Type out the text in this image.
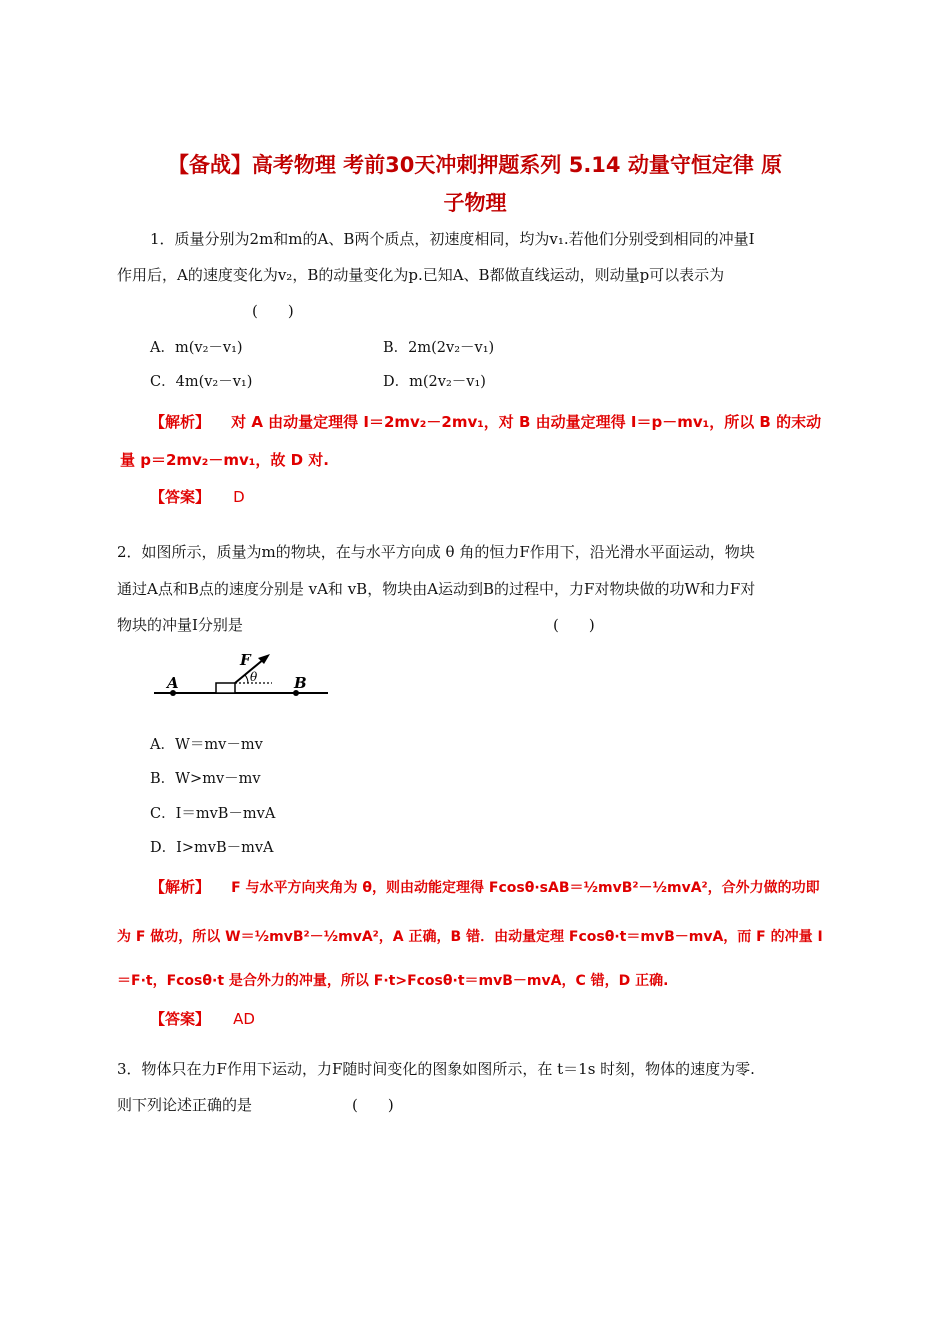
【备战】高考物理 考前30天冲刺押题系列 5.14 动量守恒定律 原
子物理
1．质量分别为2m和m的A、B两个质点，初速度相同，均为v₁.若他们分别受到相同的冲量I
作用后，A的速度变化为v₂，B的动量变化为p.已知A、B都做直线运动，则动量p可以表示为
(　　)
A．m(v₂－v₁)	B．2m(2v₂－v₁)
C．4m(v₂－v₁)	D．m(2v₂－v₁)
【解析】 对 A 由动量定理得 I＝2mv₂－2mv₁，对 B 由动量定理得 I＝p－mv₁，所以 B 的末动
量 p＝2mv₂－mv₁，故 D 对.
【答案】 D
2．如图所示，质量为m的物块，在与水平方向成 θ 角的恒力F作用下，沿光滑水平面运动，物块
通过A点和B点的速度分别是 vA和 vB，物块由A运动到B的过程中，力F对物块做的功W和力F对
物块的冲量I分别是	(　　)
A	B
F
θ
A．W＝mv－mv
B．W>mv－mv
C．I＝mvB－mvA
D．I>mvB－mvA
【解析】 F 与水平方向夹角为 θ，则由动能定理得 Fcosθ·sAB＝½mvB²－½mvA²，合外力做的功即
为 F 做功，所以 W＝½mvB²－½mvA²，A 正确，B 错．由动量定理 Fcosθ·t＝mvB－mvA，而 F 的冲量 I
＝F·t，Fcosθ·t 是合外力的冲量，所以 F·t>Fcosθ·t＝mvB－mvA，C 错，D 正确.
【答案】 AD
3．物体只在力F作用下运动，力F随时间变化的图象如图所示，在 t＝1s 时刻，物体的速度为零.
则下列论述正确的是	(　　)
